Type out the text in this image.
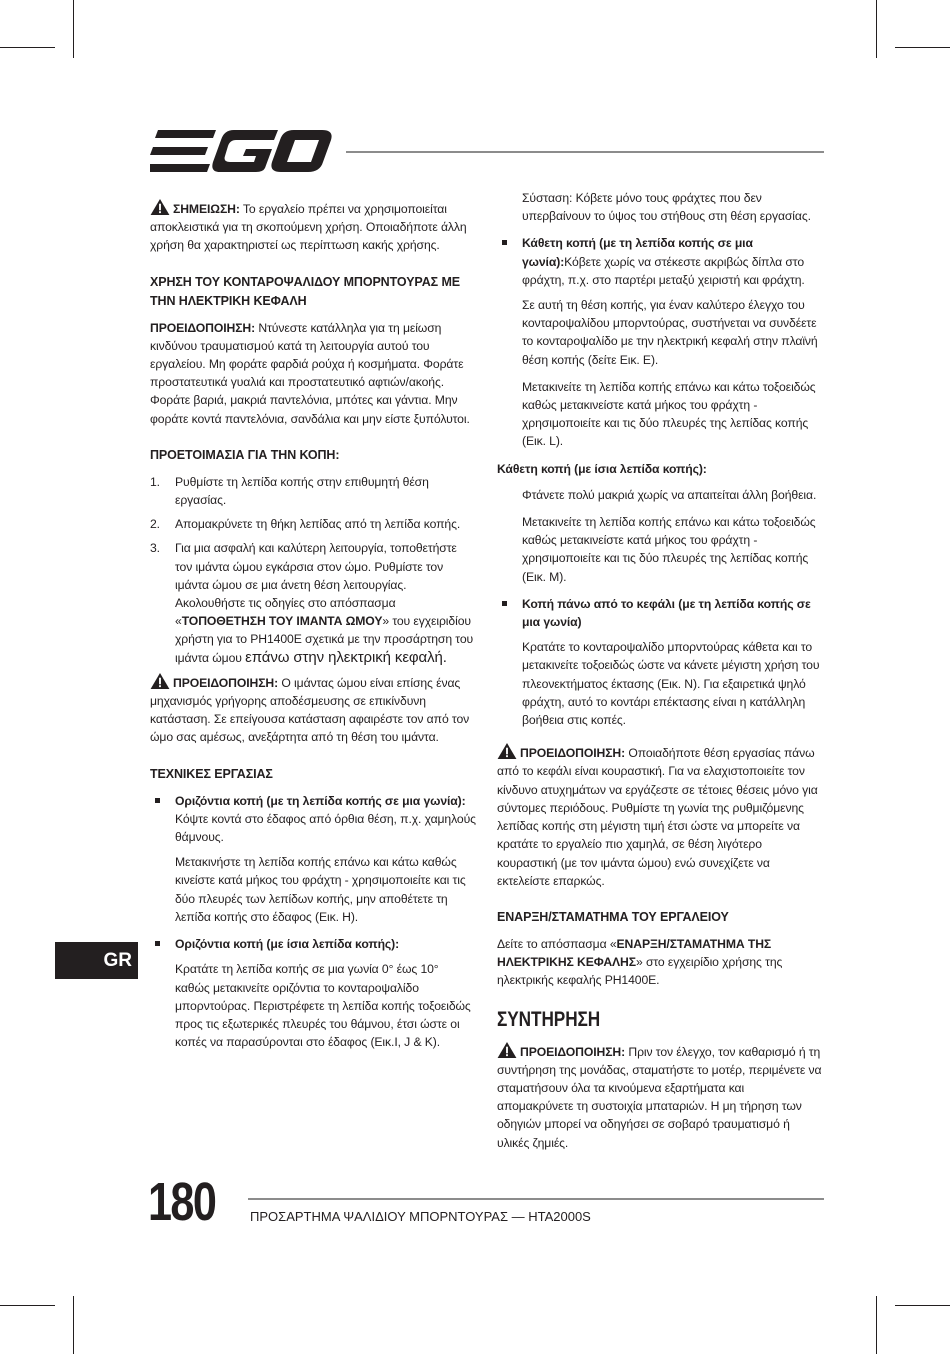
ΣΗΜΕΙΩΣΗ: Το εργαλείο πρέπει να χρησιμοποιείται αποκλειστικά για τη σκοπούμενη χρήση. Οποιαδήποτε άλλη χρήση θα χαρακτηριστεί ως περίπτωση κακής χρήσης.

ΧΡΗΣΗ ΤΟΥ ΚΟΝΤΑΡΟΨΑΛΙΔΟΥ ΜΠΟΡΝΤΟΥΡΑΣ ΜΕ ΤΗΝ ΗΛΕΚΤΡΙΚΗ ΚΕΦΑΛΗ

ΠΡΟΕΙΔΟΠΟΙΗΣΗ: Ντύνεστε κατάλληλα για τη μείωση κινδύνου τραυματισμού κατά τη λειτουργία αυτού του εργαλείου. Μη φοράτε φαρδιά ρούχα ή κοσμήματα. Φοράτε προστατευτικά γυαλιά και προστατευτικό αφτιών/ακοής. Φοράτε βαριά, μακριά παντελόνια, μπότες και γάντια. Μην φοράτε κοντά παντελόνια, σανδάλια και μην είστε ξυπόλυτοι.

ΠΡΟΕΤΟΙΜΑΣΙΑ ΓΙΑ ΤΗΝ ΚΟΠΗ:
1. Ρυθμίστε τη λεπίδα κοπής στην επιθυμητή θέση εργασίας.
2. Απομακρύνετε τη θήκη λεπίδας από τη λεπίδα κοπής.
3. Για μια ασφαλή και καλύτερη λειτουργία, τοποθετήστε τον ιμάντα ώμου εγκάρσια στον ώμο. Ρυθμίστε τον ιμάντα ώμου σε μια άνετη θέση λειτουργίας. Ακολουθήστε τις οδηγίες στο απόσπασμα «ΤΟΠΟΘΕΤΗΣΗ ΤΟΥ ΙΜΑΝΤΑ ΩΜΟΥ» του εγχειριδίου χρήστη για το PH1400E σχετικά με την προσάρτηση του ιμάντα ώμου επάνω στην ηλεκτρική κεφαλή.

ΠΡΟΕΙΔΟΠΟΙΗΣΗ: Ο ιμάντας ώμου είναι επίσης ένας μηχανισμός γρήγορης αποδέσμευσης σε επικίνδυνη κατάσταση. Σε επείγουσα κατάσταση αφαιρέστε τον από τον ώμο σας αμέσως, ανεξάρτητα από τη θέση του ιμάντα.

ΤΕΧΝΙΚΕΣ ΕΡΓΑΣΙΑΣ
Οριζόντια κοπή (με τη λεπίδα κοπής σε μια γωνία): Κόψτε κοντά στο έδαφος από όρθια θέση, π.χ. χαμηλούς θάμνους.

Μετακινήστε τη λεπίδα κοπής επάνω και κάτω καθώς κινείστε κατά μήκος του φράχτη - χρησιμοποιείτε και τις δύο πλευρές των λεπίδων κοπής, μην αποθέτετε τη λεπίδα κοπής στο έδαφος (Εικ. H).

Οριζόντια κοπή (με ίσια λεπίδα κοπής):

Κρατάτε τη λεπίδα κοπής σε μια γωνία 0° έως 10° καθώς μετακινείτε οριζόντια το κονταροψαλίδο μπορντούρας. Περιστρέφετε τη λεπίδα κοπής τοξοειδώς προς τις εξωτερικές πλευρές του θάμνου, έτσι ώστε οι κοπές να παρασύρονται στο έδαφος (Εικ.I, J & K).

Σύσταση: Κόβετε μόνο τους φράχτες που δεν υπερβαίνουν το ύψος του στήθους στη θέση εργασίας.

Κάθετη κοπή (με τη λεπίδα κοπής σε μια γωνία):Κόβετε χωρίς να στέκεστε ακριβώς δίπλα στο φράχτη, π.χ. στο παρτέρι μεταξύ χειριστή και φράχτη.

Σε αυτή τη θέση κοπής, για έναν καλύτερο έλεγχο του κονταροψαλίδου μπορντούρας, συστήνεται να συνδέετε το κονταροψαλίδο με την ηλεκτρική κεφαλή στην πλαϊνή θέση κοπής (δείτε Εικ. E).

Μετακινείτε τη λεπίδα κοπής επάνω και κάτω τοξοειδώς καθώς μετακινείστε κατά μήκος του φράχτη - χρησιμοποιείτε και τις δύο πλευρές της λεπίδας κοπής (Εικ. L).

Κάθετη κοπή (με ίσια λεπίδα κοπής):

Φτάνετε πολύ μακριά χωρίς να απαιτείται άλλη βοήθεια.

Μετακινείτε τη λεπίδα κοπής επάνω και κάτω τοξοειδώς καθώς μετακινείστε κατά μήκος του φράχτη - χρησιμοποιείτε και τις δύο πλευρές της λεπίδας κοπής (Εικ. M).

Κοπή πάνω από το κεφάλι (με τη λεπίδα κοπής σε μια γωνία)

Κρατάτε το κονταροψαλίδο μπορντούρας κάθετα και το μετακινείτε τοξοειδώς ώστε να κάνετε μέγιστη χρήση του πλεονεκτήματος έκτασης (Εικ. N). Για εξαιρετικά ψηλό φράχτη, αυτό το κοντάρι επέκτασης είναι η κατάλληλη βοήθεια στις κοπές.

ΠΡΟΕΙΔΟΠΟΙΗΣΗ: Οποιαδήποτε θέση εργασίας πάνω από το κεφάλι είναι κουραστική. Για να ελαχιστοποιείτε τον κίνδυνο ατυχημάτων να εργάζεστε σε τέτοιες θέσεις μόνο για σύντομες περιόδους. Ρυθμίστε τη γωνία της ρυθμιζόμενης λεπίδας κοπής στη μέγιστη τιμή έτσι ώστε να μπορείτε να κρατάτε το εργαλείο πιο χαμηλά, σε θέση λιγότερο κουραστική (με τον ιμάντα ώμου) ενώ συνεχίζετε να εκτελείστε επαρκώς.

ΕΝΑΡΞΗ/ΣΤΑΜΑΤΗΜΑ ΤΟΥ ΕΡΓΑΛΕΙΟΥ

Δείτε το απόσπασμα «ΕΝΑΡΞΗ/ΣΤΑΜΑΤΗΜΑ ΤΗΣ ΗΛΕΚΤΡΙΚΗΣ ΚΕΦΑΛΗΣ» στο εγχειρίδιο χρήσης της ηλεκτρικής κεφαλής PH1400E.

ΣΥΝΤΗΡΗΣΗ

ΠΡΟΕΙΔΟΠΟΙΗΣΗ: Πριν τον έλεγχο, τον καθαρισμό ή τη συντήρηση της μονάδας, σταματήστε το μοτέρ, περιμένετε να σταματήσουν όλα τα κινούμενα εξαρτήματα και απομακρύνετε τη συστοιχία μπαταριών. Η μη τήρηση των οδηγιών μπορεί να οδηγήσει σε σοβαρό τραυματισμό ή υλικές ζημιές.

GR
180	ΠΡΟΣΑΡΤΗΜΑ ΨΑΛΙΔΙΟΥ ΜΠΟΡΝΤΟΥΡΑΣ — HTA2000S
